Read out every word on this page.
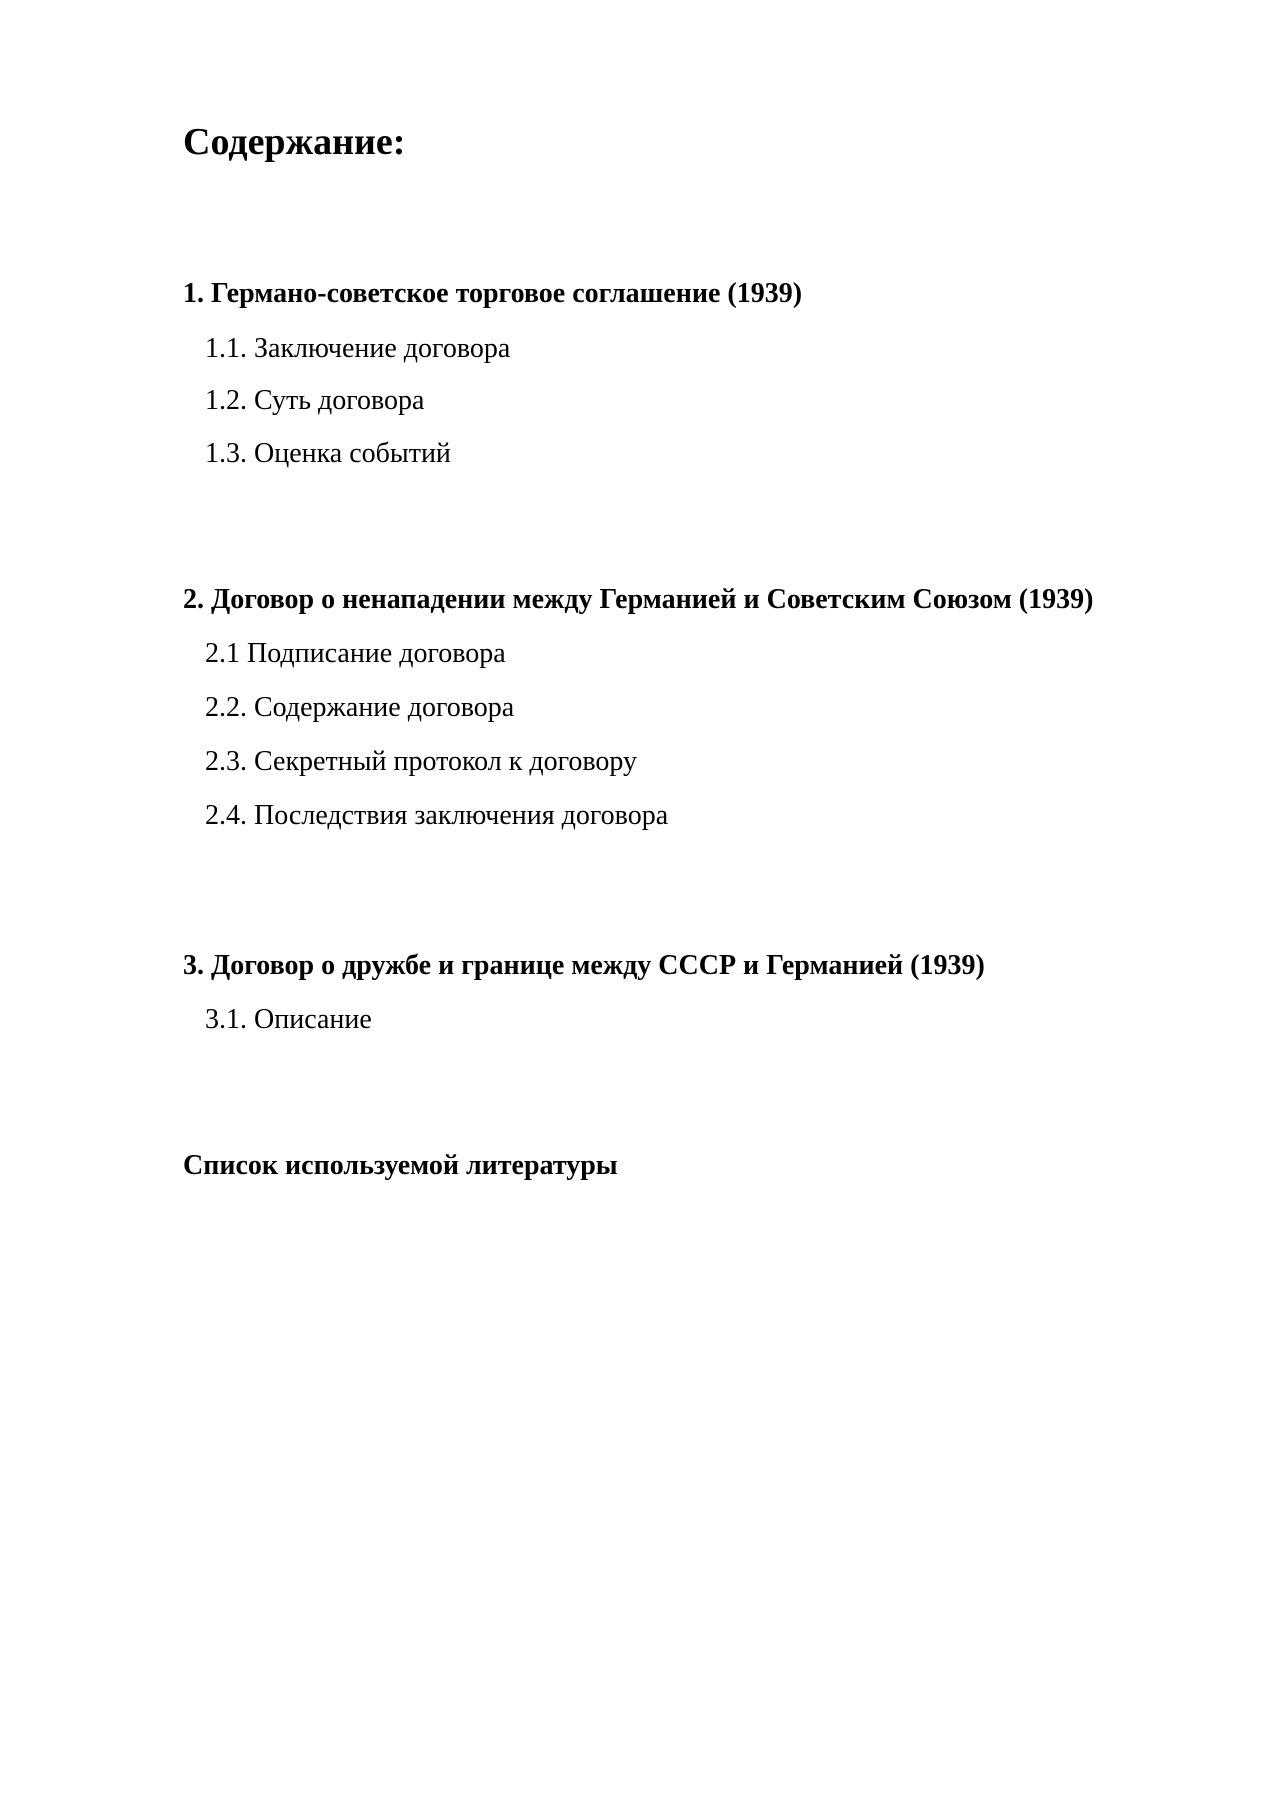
Содержание:
1. Германо-советское торговое соглашение (1939)
1.1. Заключение договора
1.2. Суть договора
1.3. Оценка событий
2. Договор о ненападении между Германией и Советским Союзом (1939)
2.1 Подписание договора
2.2. Содержание договора
2.3. Секретный протокол к договору
2.4. Последствия заключения договора
3. Договор о дружбе и границе между СССР и Германией (1939)
3.1. Описание
Список используемой литературы
